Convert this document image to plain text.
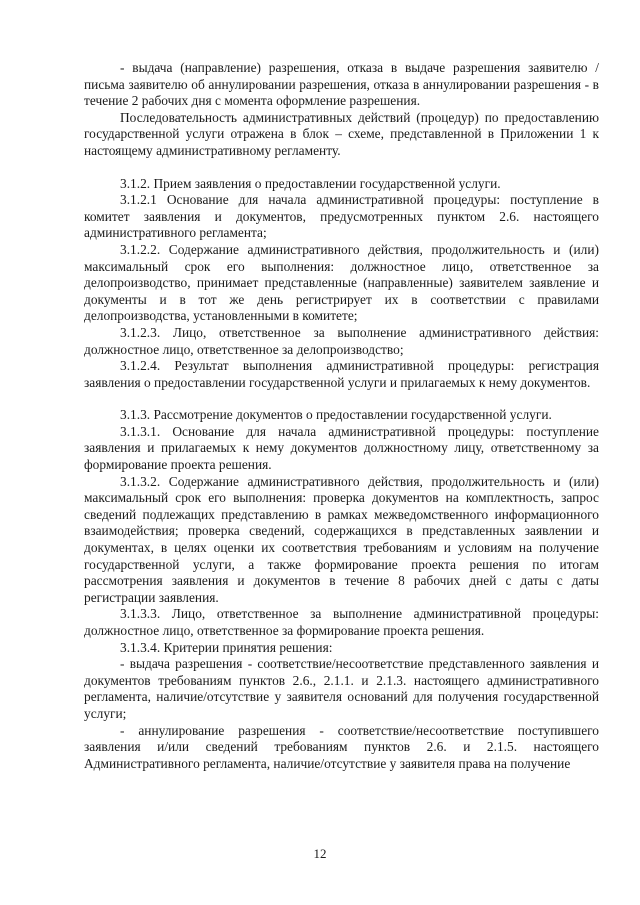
- выдача (направление) разрешения, отказа в выдаче разрешения заявителю / письма заявителю об аннулировании разрешения, отказа в аннулировании разрешения - в течение 2 рабочих дня с момента оформление разрешения.

Последовательность административных действий (процедур) по предоставлению государственной услуги отражена в блок – схеме, представленной в Приложении 1 к настоящему административному регламенту.

3.1.2. Прием заявления о предоставлении государственной услуги.

3.1.2.1 Основание для начала административной процедуры: поступление в комитет заявления и документов, предусмотренных пунктом 2.6. настоящего административного регламента;

3.1.2.2. Содержание административного действия, продолжительность и (или) максимальный срок его выполнения: должностное лицо, ответственное за делопроизводство, принимает представленные (направленные) заявителем заявление и документы и в тот же день регистрирует их в соответствии с правилами делопроизводства, установленными в комитете;

3.1.2.3. Лицо, ответственное за выполнение административного действия: должностное лицо, ответственное за делопроизводство;

3.1.2.4. Результат выполнения административной процедуры: регистрация заявления о предоставлении государственной услуги и прилагаемых к нему документов.

3.1.3. Рассмотрение документов о предоставлении государственной услуги.

3.1.3.1. Основание для начала административной процедуры: поступление заявления и прилагаемых к нему документов должностному лицу, ответственному за формирование проекта решения.

3.1.3.2. Содержание административного действия, продолжительность и (или) максимальный срок его выполнения: проверка документов на комплектность, запрос сведений подлежащих представлению в рамках межведомственного информационного взаимодействия; проверка сведений, содержащихся в представленных заявлении и документах, в целях оценки их соответствия требованиям и условиям на получение государственной услуги, а также формирование проекта решения по итогам рассмотрения заявления и документов в течение 8 рабочих дней с даты с даты регистрации заявления.

3.1.3.3. Лицо, ответственное за выполнение административной процедуры: должностное лицо, ответственное за формирование проекта решения.

3.1.3.4. Критерии принятия решения:

- выдача разрешения - соответствие/несоответствие представленного заявления и документов требованиям пунктов 2.6., 2.1.1. и 2.1.3. настоящего административного регламента, наличие/отсутствие у заявителя оснований для получения государственной услуги;

- аннулирование разрешения - соответствие/несоответствие поступившего заявления и/или сведений требованиям пунктов 2.6. и 2.1.5. настоящего Административного регламента, наличие/отсутствие у заявителя права на получение

12
